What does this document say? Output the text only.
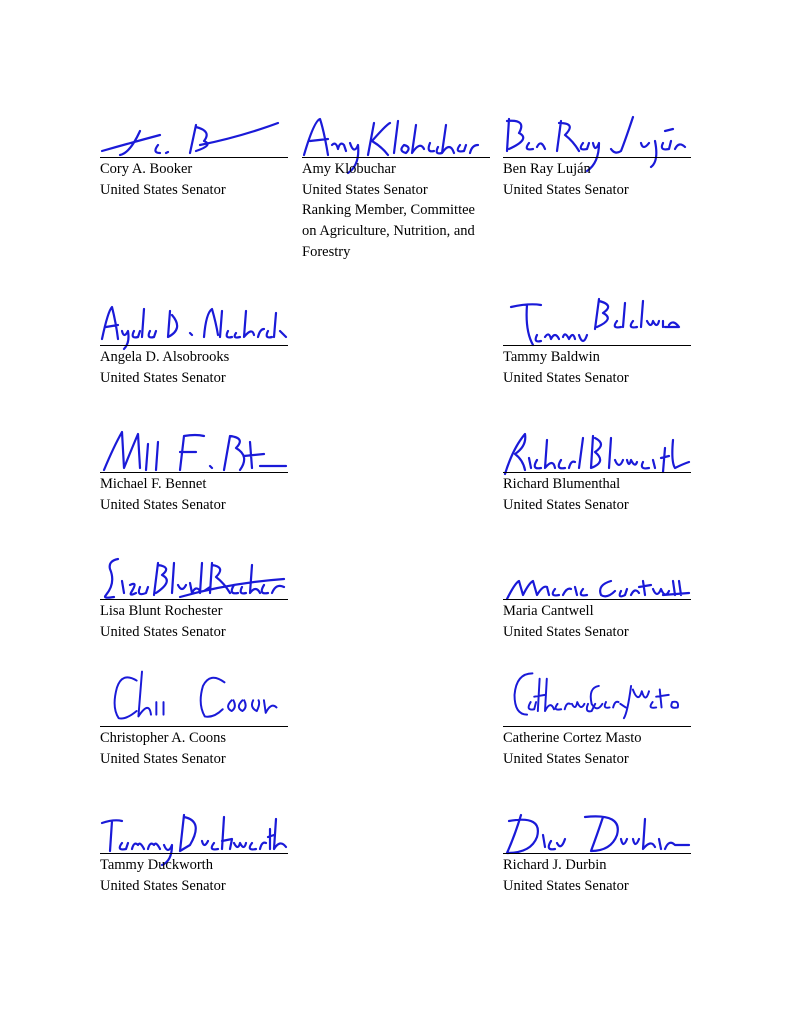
Cory A. Booker
United States Senator
Amy Klobuchar
United States Senator
Ranking Member, Committee
on Agriculture, Nutrition, and
Forestry
Ben Ray Luján
United States Senator
Angela D. Alsobrooks
United States Senator
Tammy Baldwin
United States Senator
Michael F. Bennet
United States Senator
Richard Blumenthal
United States Senator
Lisa Blunt Rochester
United States Senator
Maria Cantwell
United States Senator
Christopher A. Coons
United States Senator
Catherine Cortez Masto
United States Senator
Tammy Duckworth
United States Senator
Richard J. Durbin
United States Senator
